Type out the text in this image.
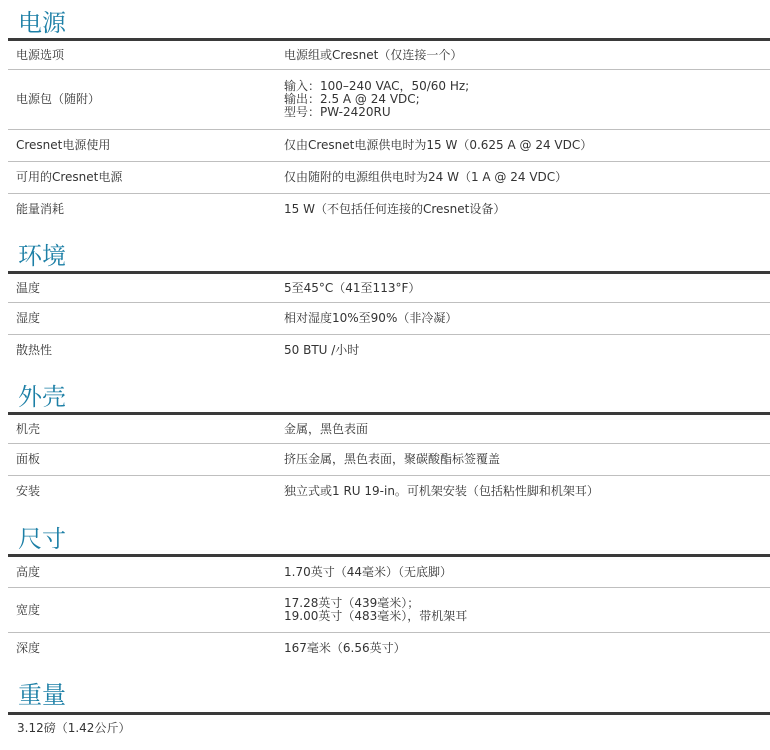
电源
电源选项	电源组或Cresnet（仅连接一个）

电源包（随附）	输入：100–240 VAC，50/60 Hz;
输出：2.5 A @ 24 VDC;
型号：PW-2420RU

Cresnet电源使用	仅由Cresnet电源供电时为15 W（0.625 A @ 24 VDC）

可用的Cresnet电源	仅由随附的电源组供电时为24 W（1 A @ 24 VDC）

能量消耗	15 W（不包括任何连接的Cresnet设备）
环境
温度	5至45°C（41至113°F）

湿度	相对湿度10%至90%（非冷凝）

散热性	50 BTU /小时
外壳
机壳	金属，黑色表面

面板	挤压金属，黑色表面，聚碳酸酯标签覆盖

安装	独立式或1 RU 19-in。可机架安装（包括粘性脚和机架耳）
尺寸
高度	1.70英寸（44毫米）（无底脚）

宽度	17.28英寸（439毫米）；
19.00英寸（483毫米），带机架耳

深度	167毫米（6.56英寸）
重量
3.12磅（1.42公斤）
